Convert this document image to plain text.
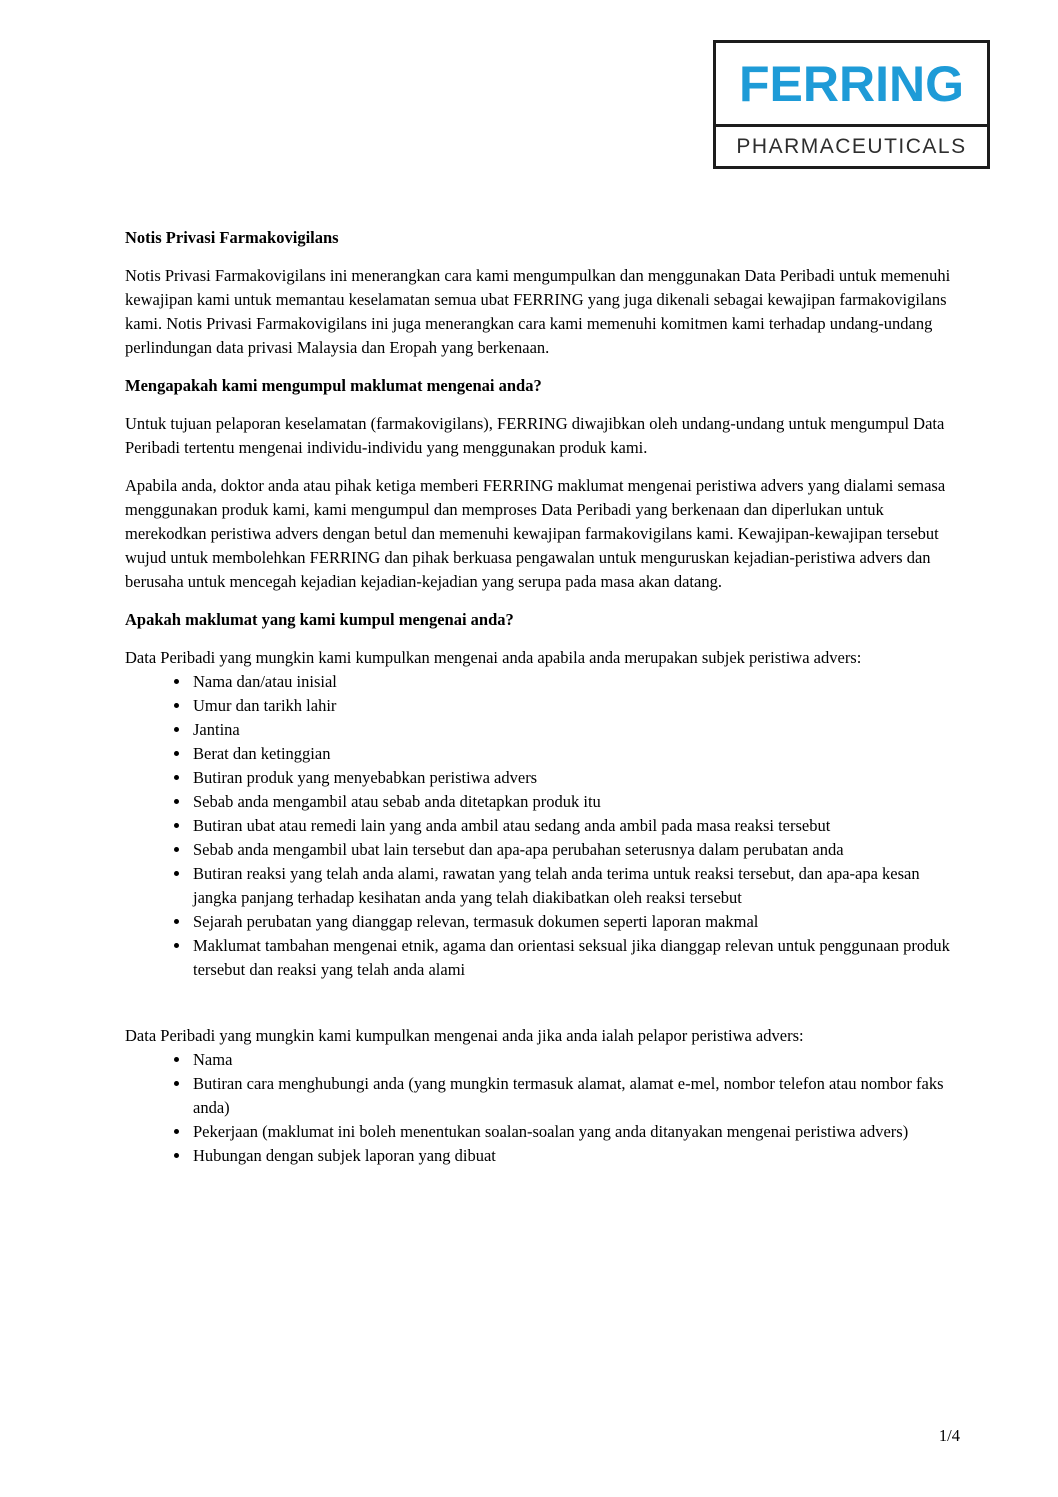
FERRING
PHARMACEUTICALS

Notis Privasi Farmakovigilans

Notis Privasi Farmakovigilans ini menerangkan cara kami mengumpulkan dan menggunakan Data Peribadi untuk memenuhi kewajipan kami untuk memantau keselamatan semua ubat FERRING yang juga dikenali sebagai kewajipan farmakovigilans kami. Notis Privasi Farmakovigilans ini juga menerangkan cara kami memenuhi komitmen kami terhadap undang-undang perlindungan data privasi Malaysia dan Eropah yang berkenaan.

Mengapakah kami mengumpul maklumat mengenai anda?

Untuk tujuan pelaporan keselamatan (farmakovigilans), FERRING diwajibkan oleh undang-undang untuk mengumpul Data Peribadi tertentu mengenai individu-individu yang menggunakan produk kami.

Apabila anda, doktor anda atau pihak ketiga memberi FERRING maklumat mengenai peristiwa advers yang dialami semasa menggunakan produk kami, kami mengumpul dan memproses Data Peribadi yang berkenaan dan diperlukan untuk merekodkan peristiwa advers dengan betul dan memenuhi kewajipan farmakovigilans kami. Kewajipan-kewajipan tersebut wujud untuk membolehkan FERRING dan pihak berkuasa pengawalan untuk menguruskan kejadian-peristiwa advers dan berusaha untuk mencegah kejadian kejadian-kejadian yang serupa pada masa akan datang.

Apakah maklumat yang kami kumpul mengenai anda?

Data Peribadi yang mungkin kami kumpulkan mengenai anda apabila anda merupakan subjek peristiwa advers:

• Nama dan/atau inisial
• Umur dan tarikh lahir
• Jantina
• Berat dan ketinggian
• Butiran produk yang menyebabkan peristiwa advers
• Sebab anda mengambil atau sebab anda ditetapkan produk itu
• Butiran ubat atau remedi lain yang anda ambil atau sedang anda ambil pada masa reaksi tersebut
• Sebab anda mengambil ubat lain tersebut dan apa-apa perubahan seterusnya dalam perubatan anda
• Butiran reaksi yang telah anda alami, rawatan yang telah anda terima untuk reaksi tersebut, dan apa-apa kesan jangka panjang terhadap kesihatan anda yang telah diakibatkan oleh reaksi tersebut
• Sejarah perubatan yang dianggap relevan, termasuk dokumen seperti laporan makmal
• Maklumat tambahan mengenai etnik, agama dan orientasi seksual jika dianggap relevan untuk penggunaan produk tersebut dan reaksi yang telah anda alami

Data Peribadi yang mungkin kami kumpulkan mengenai anda jika anda ialah pelapor peristiwa advers:

• Nama
• Butiran cara menghubungi anda (yang mungkin termasuk alamat, alamat e-mel, nombor telefon atau nombor faks anda)
• Pekerjaan (maklumat ini boleh menentukan soalan-soalan yang anda ditanyakan mengenai peristiwa advers)
• Hubungan dengan subjek laporan yang dibuat
1/4
